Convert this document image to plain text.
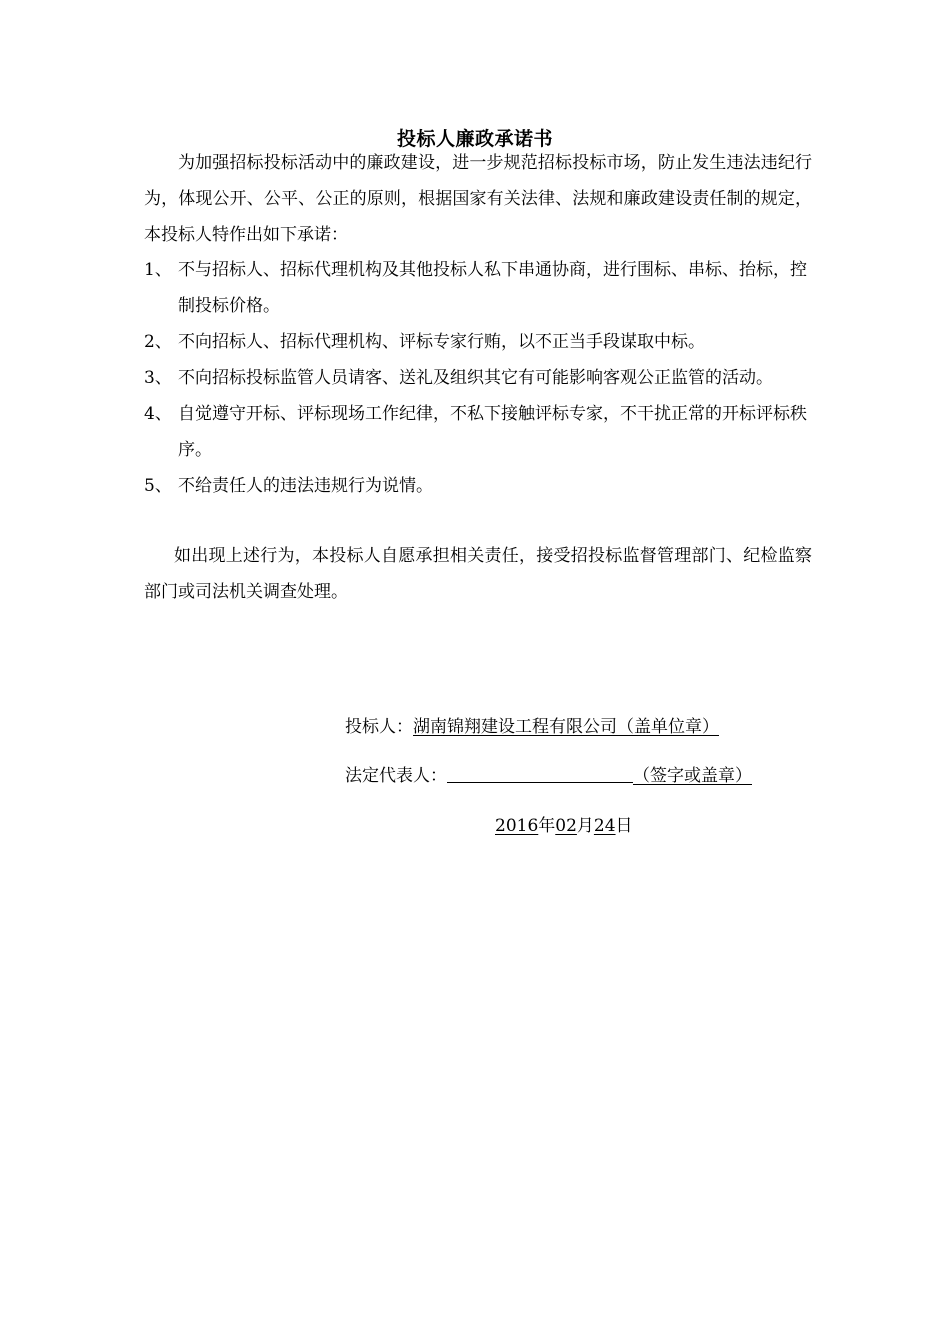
投标人廉政承诺书
为加强招标投标活动中的廉政建设，进一步规范招标投标市场，防止发生违法违纪行为，体现公开、公平、公正的原则，根据国家有关法律、法规和廉政建设责任制的规定，本投标人特作出如下承诺：
1、 不与招标人、招标代理机构及其他投标人私下串通协商，进行围标、串标、抬标，控制投标价格。
2、 不向招标人、招标代理机构、评标专家行贿，以不正当手段谋取中标。
3、 不向招标投标监管人员请客、送礼及组织其它有可能影响客观公正监管的活动。
4、 自觉遵守开标、评标现场工作纪律，不私下接触评标专家，不干扰正常的开标评标秩序。
5、 不给责任人的违法违规行为说情。
如出现上述行为，本投标人自愿承担相关责任，接受招投标监督管理部门、纪检监察部门或司法机关调查处理。
投标人：湖南锦翔建设工程有限公司（盖单位章）
法定代表人：	（签字或盖章）
2016年02月24日
